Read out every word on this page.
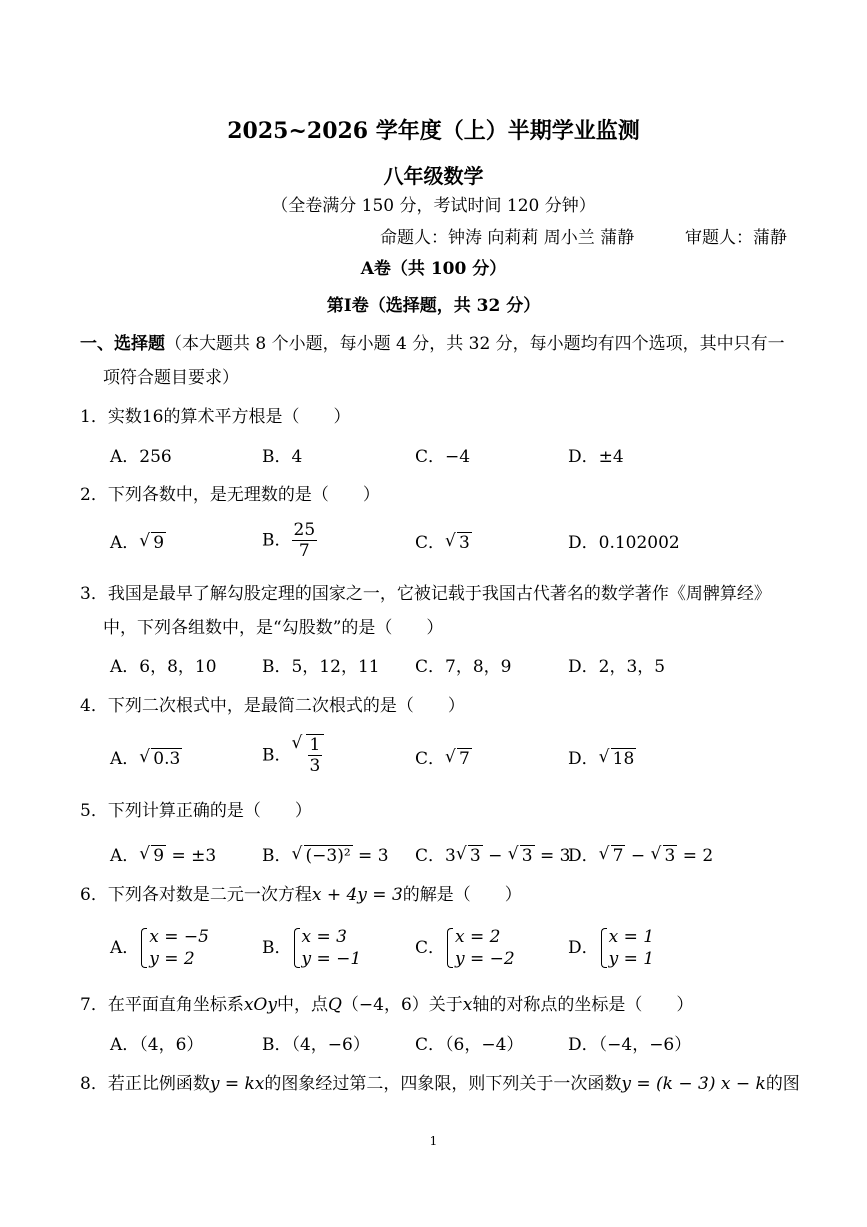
2025~2026 学年度（上）半期学业监测
八年级数学
（全卷满分 150 分，考试时间 120 分钟）
命题人：钟涛 向莉莉 周小兰 蒲静	审题人：蒲静
A卷（共 100 分）
第Ⅰ卷（选择题，共 32 分）
一、选择题（本大题共 8 个小题，每小题 4 分，共 32 分，每小题均有四个选项，其中只有一
项符合题目要求）
1．实数16的算术平方根是（　　）
A．256	B．4	C．−4	D．±4
2．下列各数中，是无理数的是（　　）
A． √ 9	B． $\frac{25}{7}$	C． √ 3	D．0.102002
3．我国是最早了解勾股定理的国家之一，它被记载于我国古代著名的数学著作《周髀算经》
中，下列各组数中，是“勾股数”的是（　　）
A．6，8，10	B．5，12，11 C．7，8，9	D．2，3，5
4．下列二次根式中，是最简二次根式的是（　　）
A． √ 0.3	B． √ $\frac{1}{3}$	C． √ 7	D． √ 18
5．下列计算正确的是（　　）
A． √ 9 = ±3	B． √ (−3)² = 3 C．3 √ 3 − √ 3 = 3
D． √ 7 − √ 3 = 2
6．下列各对数是二元一次方程x + 4y = 3的解是（　　）
A．
x = −5
y = 2
B．
x = 3
y = −1
C．
x = 2
y = −2
D．
x = 1
y = 1
7．在平面直角坐标系xOy中，点Q（−4，6）关于x轴的对称点的坐标是（　　）
A．（4，6）	B．（4，−6）	C．（6，−4）	D．（−4，−6）
8．若正比例函数y = kx的图象经过第二，四象限，则下列关于一次函数y = (k − 3) x − k的图
1
